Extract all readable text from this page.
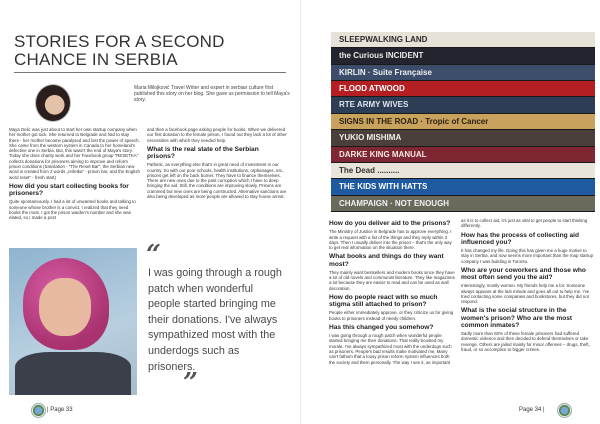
STORIES FOR A SECOND
CHANCE IN SERBIA
Maria Milojković Travel Writer and expert in serbian culture first published this story on her blog. She gave us permission to tell Maya's story.

Maya Delic was just about to start her own startup company when her mother got sick. She returned to Belgrade and had to stay there - her mother became paralysed and lost the power of speech. She came from the western system in Canada to her homeland's defective one in Serbia. But, this wasn't the end of Maya's story. Today she does charity work and her Facebook group "RESETKA" collects donations for prisoners aiming to improve and reform prison conditions (translation - "The Reset Bar"; the Serbian new word is created from 2 words „rešetka" - prison bar, and the English word reset" - fresh start)

How did you start collecting books for prisoners?

Quite spontaneously. I had a lot of unwanted books and talking to someone whose brother is a convict, I realized that they need books the most. I got the prison warden's number and she was elated, so I made a post

and then a facebook page asking people for books. When we delivered our first donation to the female prison, I found out they lack a lot of other necessities with which they needed help.

What is the real state of the Serbian prisons?

Pathetic, as everything else that's in great need of investment in our country. So with our poor schools, health institutions, orphanages, etc., prisons get left on the back burner. They have to finance themselves. There are new ones due to the past corruption which I have to deep bringing the aid. Still, the conditions are improving slowly. Prisons are crammed but new ones are being constructed. Alternative sanctions are also being developed as more people are allowed to stay house arrest.

“
I was going through a rough patch when wonderful people started bringing me their donations. I've always sympathized most with the underdogs such as prisoners.
”
| Page 33
SLEEPWALKING LAND
the Curious INCIDENT
KIRLIN · Suite Française
FLOOD ATWOOD
RTE ARMY WIVES
SIGNS IN THE ROAD · Tropic of Cancer
YUKIO MISHIMA
DARKE KING MANUAL
The Dead ..........
THE KIDS WITH HATTS
CHAMPAIGN · NOT ENOUGH
How do you deliver aid to the prisons?

The Ministry of Justice in Belgrade has to approve everything. I write a request with a list of the things and they reply within 3 days. Then I usually deliver into the prison – that's the only way to get real information on the situation there.

What books and things do they want most?

They mainly want bestsellers and modern books since they have a lot of old novels and communist literature. They like magazines a lot because they are easier to read and can be used as wall decoration.

How do people react with so much stigma still attached to prison?

People either immediately approve, or they criticize us for giving books to prisoners instead of needy children.

Has this changed you somehow?

I was going through a rough patch when wonderful people started bringing me their donations. That really boosted my morale. I've always sympathized most with the underdogs such as prisoners. People's bad results make motivated me. Many can't fathom that a lousy prison reform system influences both the society and them personally. The way I see it, as important

as it is to collect aid, it's just as vital to get people to start thinking differently.

How has the process of collecting aid influenced you?

It has changed my life. Doing this has given me a huge motive to stay in Serbia, and now seems more important than the map startup company I was building in Toronto.

Who are your coworkers and those who most often send you the aid?

Interestingly, mostly women. My friends help me a lot. Someone always appears at the last minute and goes all out to help me. I've tried contacting some companies and bookstores, but they did not respond.

What is the social structure in the women's prison? Who are the most common inmates?

Sadly more than 60% of these female prisoners had suffered domestic violence and then decided to defend themselves or take revenge. Others are jailed mainly for minor offenses – drugs, theft, fraud, or so accomplice to bigger crimes.

Page 34 |
